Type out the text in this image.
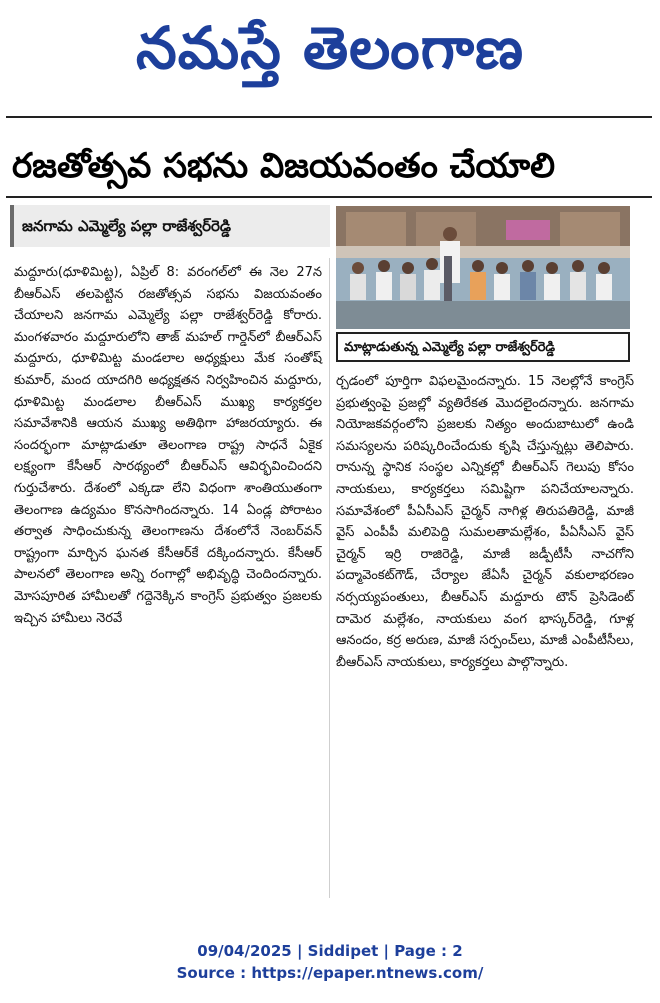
నమస్తే తెలంగాణ
రజతోత్సవ సభను విజయవంతం చేయాలి
జనగామ ఎమ్మెల్యే పల్లా రాజేశ్వర్‌రెడ్డి
మాట్లాడుతున్న ఎమ్మెల్యే పల్లా రాజేశ్వర్‌రెడ్డి

మద్దూరు(ధూళిమిట్ట), ఏప్రిల్ 8: వరంగల్‌లో ఈ నెల 27న బీఆర్‌ఎస్ తలపెట్టిన రజతోత్సవ సభను విజయవంతం చేయాలని జనగామ ఎమ్మెల్యే పల్లా రాజేశ్వర్‌రెడ్డి కోరారు. మంగళవారం మద్దూరులోని తాజ్ మహల్ గార్డెన్‌లో బీఆర్‌ఎస్ మద్దూరు, ధూళిమిట్ట మండలాల అధ్యక్షులు మేక సంతోష్ కుమార్, మంద యాదగిరి అధ్యక్షతన నిర్వహించిన మద్దూరు, ధూళిమిట్ట మండలాల బీఆర్‌ఎస్ ముఖ్య కార్యకర్తల సమావేశానికి ఆయన ముఖ్య అతిథిగా హాజరయ్యారు. ఈ సందర్భంగా మాట్లాడుతూ తెలంగాణ రాష్ట్ర సాధనే ఏకైక లక్ష్యంగా కేసీఆర్ సారథ్యంలో బీఆర్‌ఎస్ ఆవిర్భవించిందని గుర్తుచేశారు. దేశంలో ఎక్కడా లేని విధంగా శాంతియుతంగా తెలంగాణ ఉద్యమం కొనసాగిందన్నారు. 14 ఏండ్ల పోరాటం తర్వాత సాధించుకున్న తెలంగాణను దేశంలోనే నెంబర్‌వన్ రాష్ట్రంగా మార్చిన ఘనత కేసీఆర్‌కే దక్కిందన్నారు. కేసీఆర్ పాలనలో తెలంగాణ అన్ని రంగాల్లో అభివృద్ధి చెందిందన్నారు. మోసపూరిత హామీలతో గద్దెనెక్కిన కాంగ్రెస్ ప్రభుత్వం ప్రజలకు ఇచ్చిన హామీలు నెరవే

ర్చడంలో పూర్తిగా విఫలమైందన్నారు. 15 నెలల్లోనే కాంగ్రెస్ ప్రభుత్వంపై ప్రజల్లో వ్యతిరేకత మొదలైందన్నారు. జనగామ నియోజకవర్గంలోని ప్రజలకు నిత్యం అందుబాటులో ఉండి సమస్యలను పరిష్కరించేందుకు కృషి చేస్తున్నట్లు తెలిపారు. రానున్న స్థానిక సంస్థల ఎన్నికల్లో బీఆర్‌ఎస్ గెలుపు కోసం నాయకులు, కార్యకర్తలు సమిష్టిగా పనిచేయాలన్నారు. సమావేశంలో పీఏసీఎస్ చైర్మన్ నాగిళ్ల తిరుపతిరెడ్డి, మాజీ వైస్ ఎంపీపీ మలిపెద్ది సుమలతామల్లేశం, పీఏసీఎస్ వైస్ చైర్మన్ ఇర్రి రాజిరెడ్డి, మాజీ జడ్పీటీసీ నాచగోని పద్మావెంకట్‌గౌడ్, చేర్యాల జేఏసీ చైర్మన్ వకులాభరణం నర్సయ్యపంతులు, బీఆర్‌ఎస్ మద్దూరు టౌన్ ప్రెసిడెంట్ దామెర మల్లేశం, నాయకులు వంగ భాస్కర్‌రెడ్డి, గూళ్ల ఆనందం, కర్ర అరుణ, మాజీ సర్పంచ్‌లు, మాజీ ఎంపీటీసీలు, బీఆర్‌ఎస్ నాయకులు, కార్యకర్తలు పాల్గొన్నారు.

09/04/2025 | Siddipet | Page : 2
Source : https://epaper.ntnews.com/
